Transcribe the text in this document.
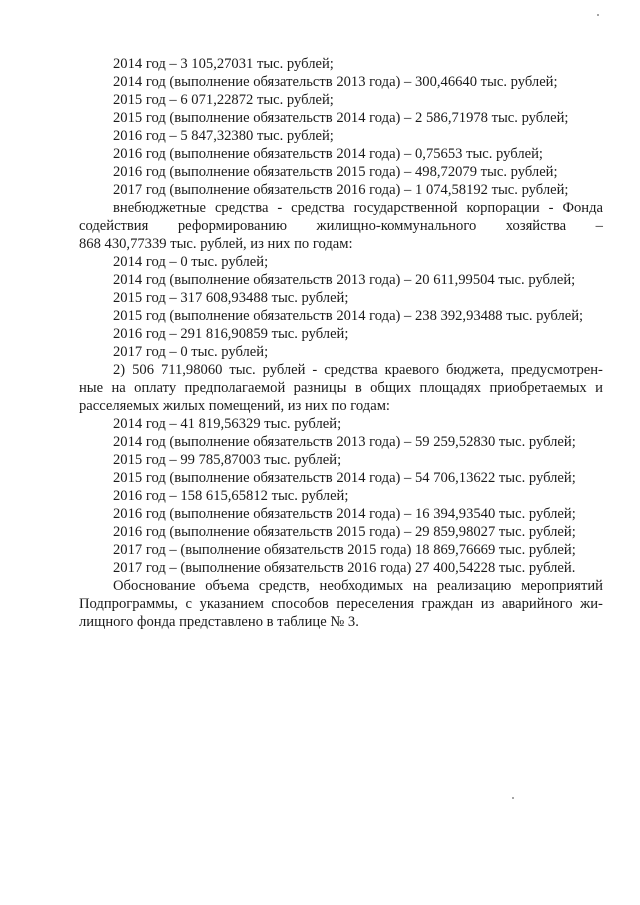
2014 год – 3 105,27031 тыс. рублей;
2014 год (выполнение обязательств 2013 года) – 300,46640 тыс. рублей;
2015 год – 6 071,22872 тыс. рублей;
2015 год (выполнение обязательств 2014 года) – 2 586,71978 тыс. рублей;
2016 год – 5 847,32380 тыс. рублей;
2016 год (выполнение обязательств 2014 года) – 0,75653 тыс. рублей;
2016 год (выполнение обязательств 2015 года) – 498,72079 тыс. рублей;
2017 год (выполнение обязательств 2016 года) – 1 074,58192 тыс. рублей;
внебюджетные средства - средства государственной корпорации - Фонда
содействия реформированию жилищно-коммунального хозяйства –
868 430,77339 тыс. рублей, из них по годам:
2014 год – 0 тыс. рублей;
2014 год (выполнение обязательств 2013 года) – 20 611,99504 тыс. рублей;
2015 год – 317 608,93488 тыс. рублей;
2015 год (выполнение обязательств 2014 года) – 238 392,93488 тыс. рублей;
2016 год – 291 816,90859 тыс. рублей;
2017 год – 0 тыс. рублей;
2) 506 711,98060 тыс. рублей - средства краевого бюджета, предусмотрен-
ные на оплату предполагаемой разницы в общих площадях приобретаемых и
расселяемых жилых помещений, из них по годам:
2014 год – 41 819,56329 тыс. рублей;
2014 год (выполнение обязательств 2013 года) – 59 259,52830 тыс. рублей;
2015 год – 99 785,87003 тыс. рублей;
2015 год (выполнение обязательств 2014 года) – 54 706,13622 тыс. рублей;
2016 год – 158 615,65812 тыс. рублей;
2016 год (выполнение обязательств 2014 года) – 16 394,93540 тыс. рублей;
2016 год (выполнение обязательств 2015 года) – 29 859,98027 тыс. рублей;
2017 год – (выполнение обязательств 2015 года) 18 869,76669 тыс. рублей;
2017 год – (выполнение обязательств 2016 года) 27 400,54228 тыс. рублей.
Обоснование объема средств, необходимых на реализацию мероприятий
Подпрограммы, с указанием способов переселения граждан из аварийного жи-
лищного фонда представлено в таблице № 3.
